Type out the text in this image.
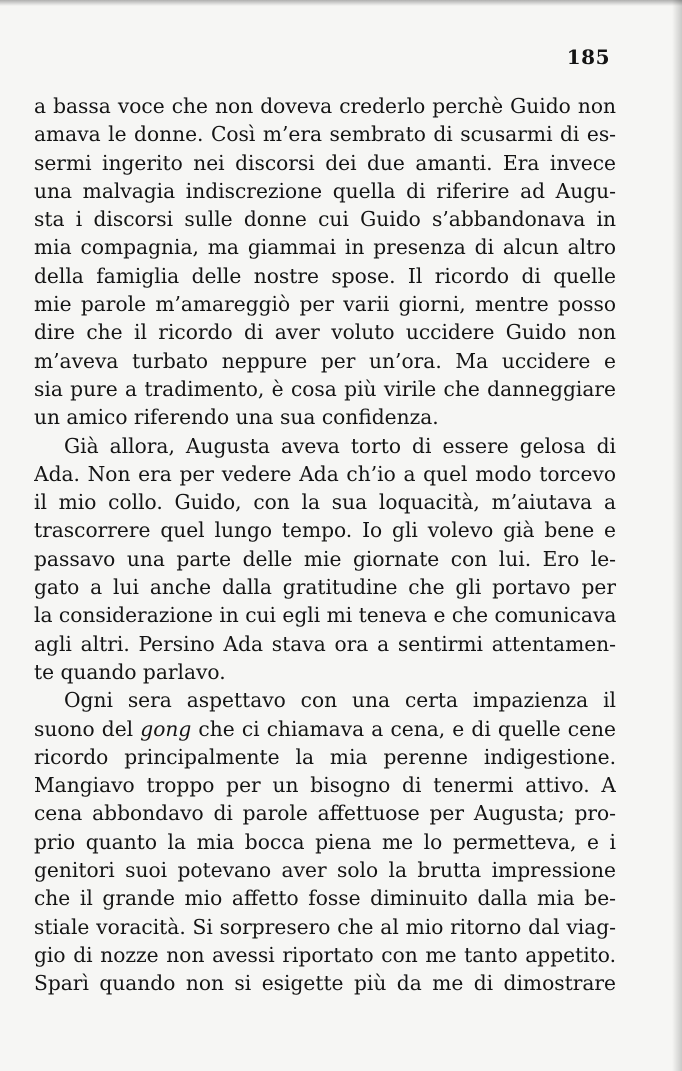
185
a bassa voce che non doveva crederlo perchè Guido non
amava le donne. Così m’era sembrato di scusarmi di es-
sermi ingerito nei discorsi dei due amanti. Era invece
una malvagia indiscrezione quella di riferire ad Augu-
sta i discorsi sulle donne cui Guido s’abbandonava in
mia compagnia, ma giammai in presenza di alcun altro
della famiglia delle nostre spose. Il ricordo di quelle
mie parole m’amareggiò per varii giorni, mentre posso
dire che il ricordo di aver voluto uccidere Guido non
m’aveva turbato neppure per un’ora. Ma uccidere e
sia pure a tradimento, è cosa più virile che danneggiare
un amico riferendo una sua confidenza.
Già allora, Augusta aveva torto di essere gelosa di
Ada. Non era per vedere Ada ch’io a quel modo torcevo
il mio collo. Guido, con la sua loquacità, m’aiutava a
trascorrere quel lungo tempo. Io gli volevo già bene e
passavo una parte delle mie giornate con lui. Ero le-
gato a lui anche dalla gratitudine che gli portavo per
la considerazione in cui egli mi teneva e che comunicava
agli altri. Persino Ada stava ora a sentirmi attentamen-
te quando parlavo.
Ogni sera aspettavo con una certa impazienza il
suono del gong che ci chiamava a cena, e di quelle cene
ricordo principalmente la mia perenne indigestione.
Mangiavo troppo per un bisogno di tenermi attivo. A
cena abbondavo di parole affettuose per Augusta; pro-
prio quanto la mia bocca piena me lo permetteva, e i
genitori suoi potevano aver solo la brutta impressione
che il grande mio affetto fosse diminuito dalla mia be-
stiale voracità. Si sorpresero che al mio ritorno dal viag-
gio di nozze non avessi riportato con me tanto appetito.
Sparì quando non si esigette più da me di dimostrare
